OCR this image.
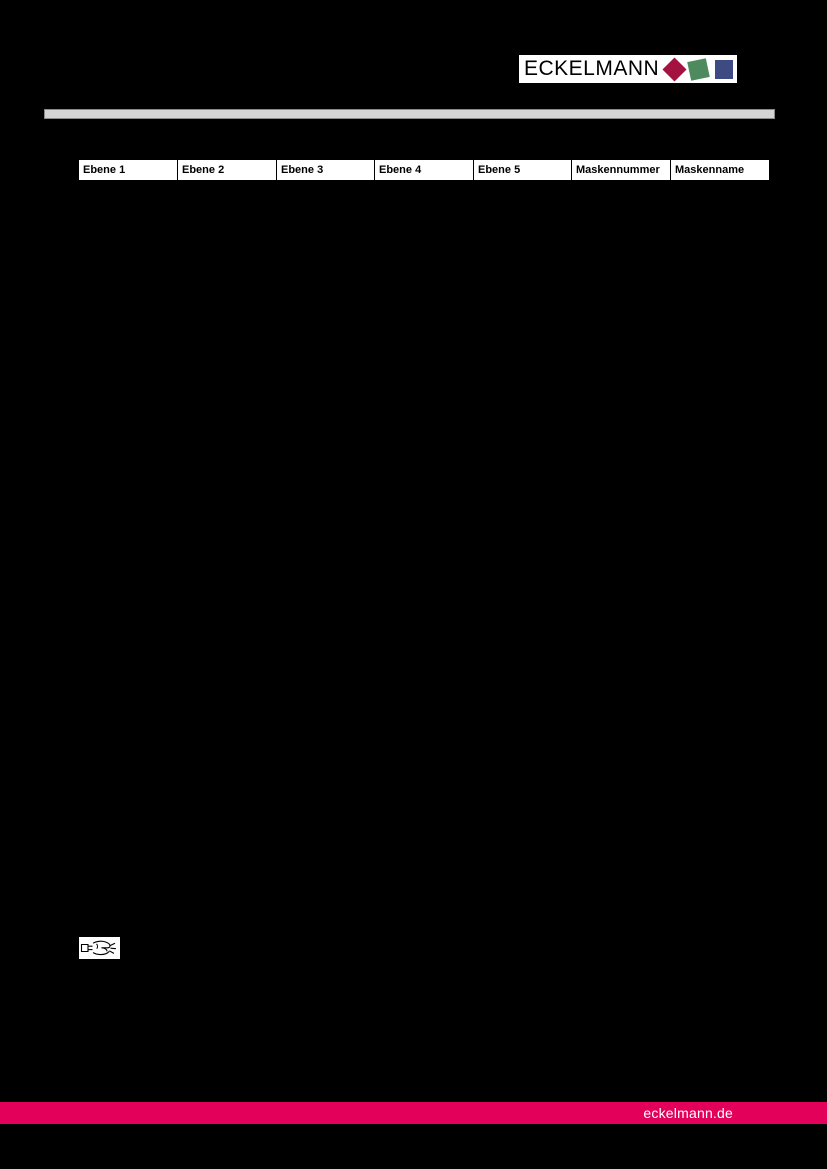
ECKELMANN
Ebene 1	Ebene 2	Ebene 3	Ebene 4	Ebene 5	Maskennummer	Maskenname
eckelmann.de
